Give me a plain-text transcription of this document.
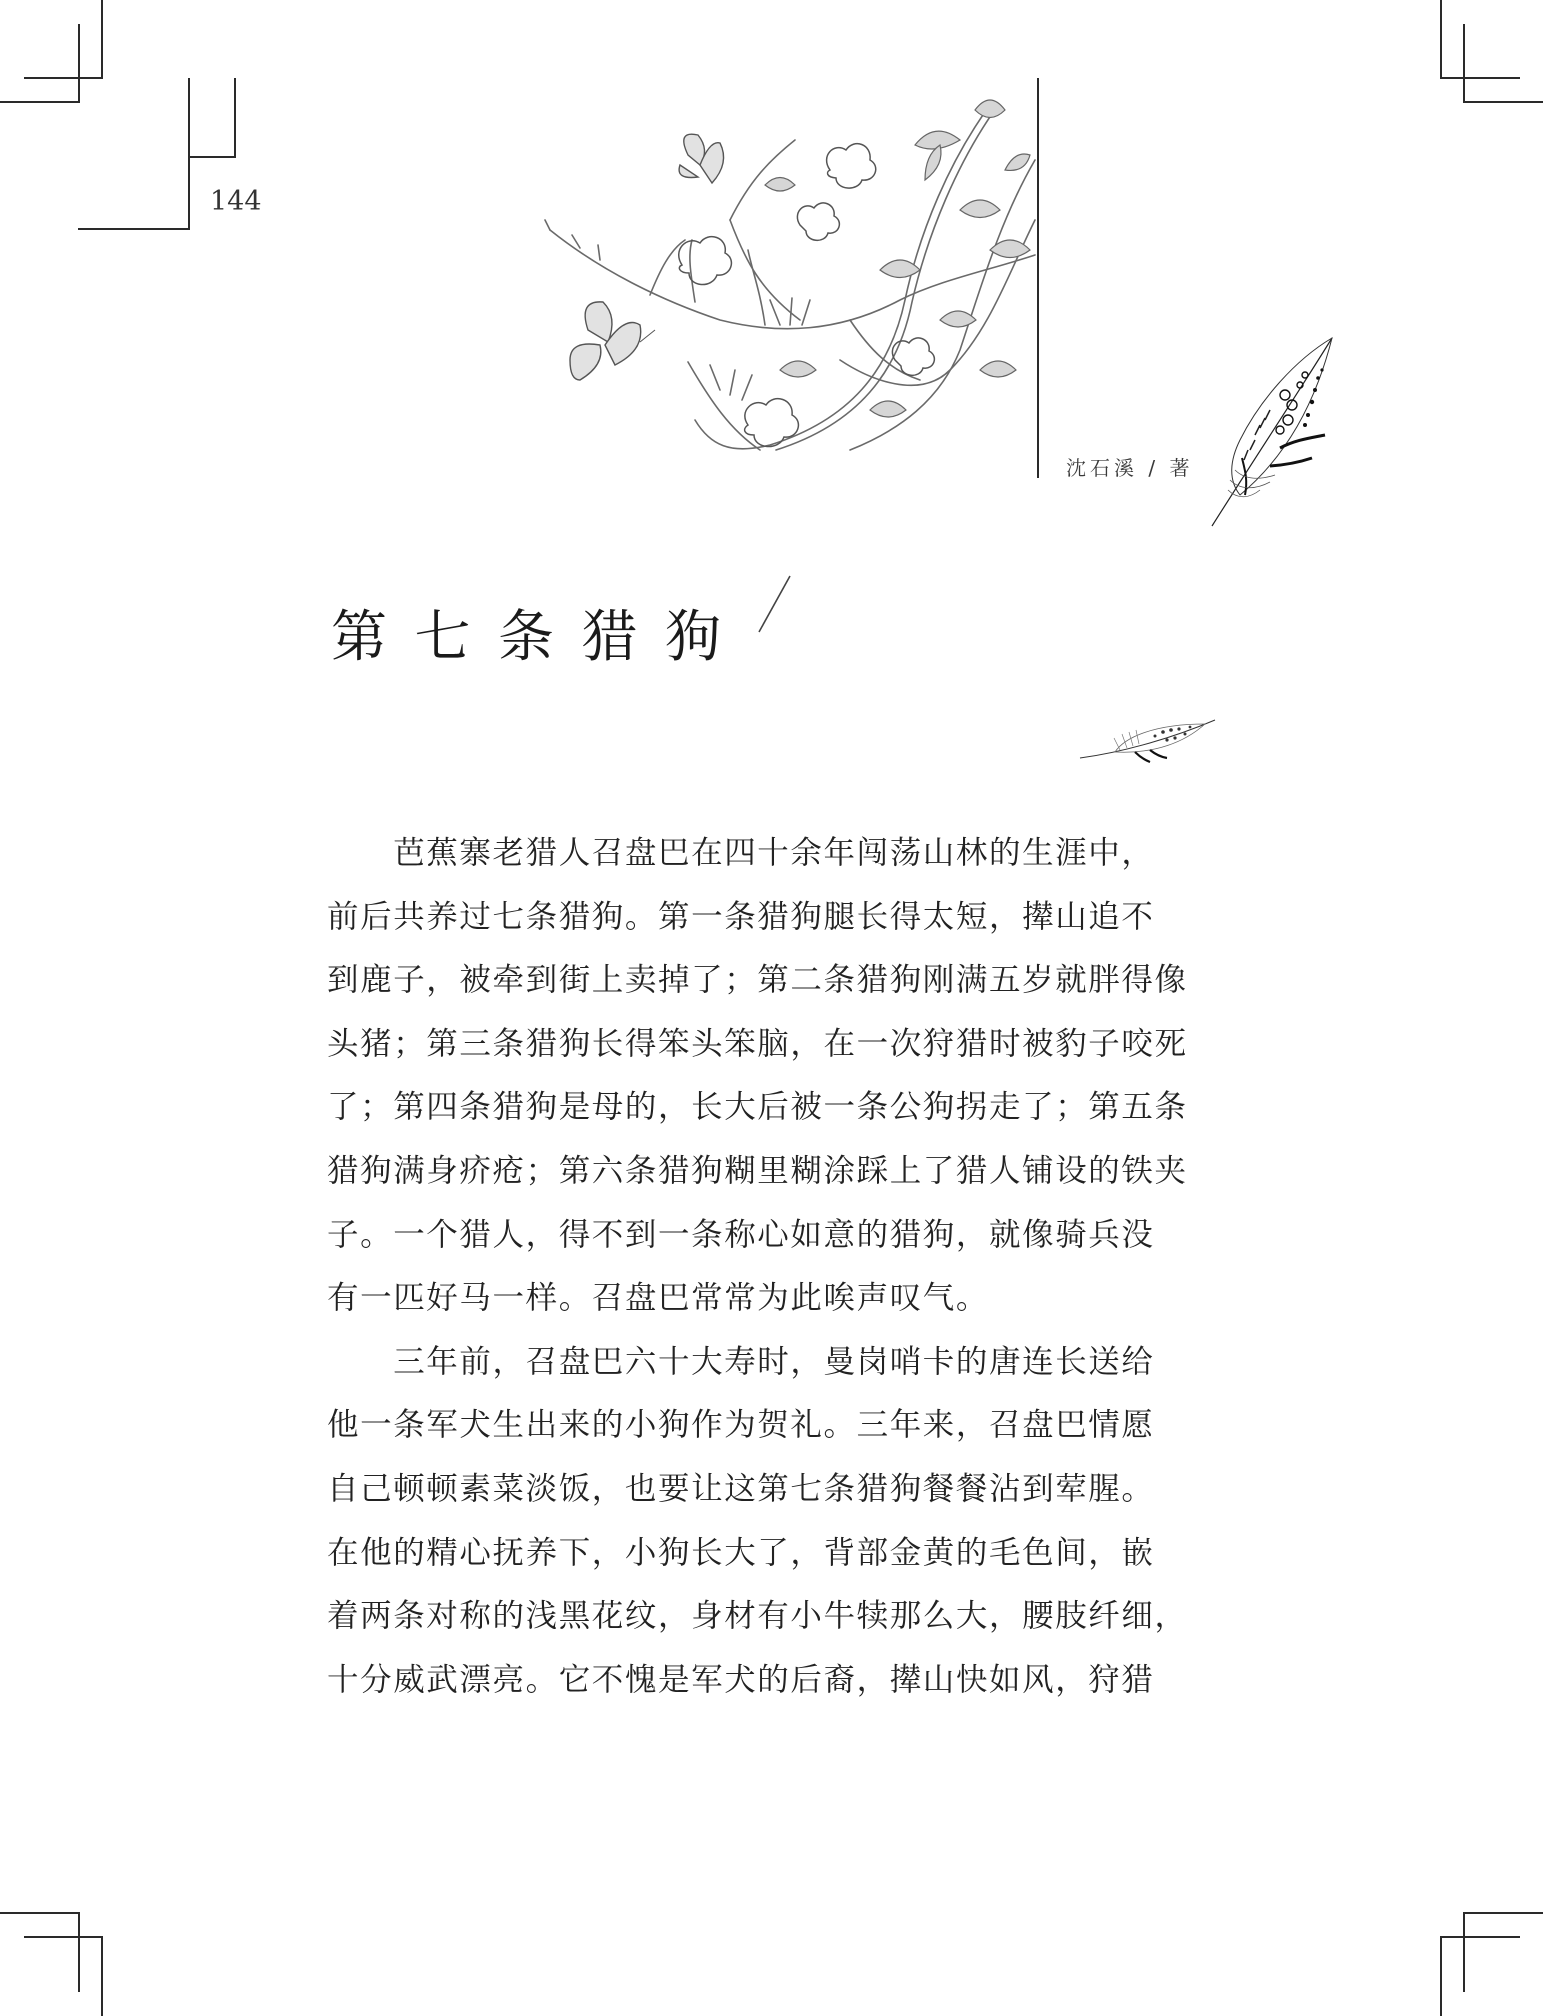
144
沈石溪 / 著
第七条猎狗

　　芭蕉寨老猎人召盘巴在四十余年闯荡山林的生涯中，

前后共养过七条猎狗。第一条猎狗腿长得太短，撵山追不

到鹿子，被牵到街上卖掉了；第二条猎狗刚满五岁就胖得像

头猪；第三条猎狗长得笨头笨脑，在一次狩猎时被豹子咬死

了；第四条猎狗是母的，长大后被一条公狗拐走了；第五条

猎狗满身疥疮；第六条猎狗糊里糊涂踩上了猎人铺设的铁夹

子。一个猎人，得不到一条称心如意的猎狗，就像骑兵没

有一匹好马一样。召盘巴常常为此唉声叹气。

　　三年前，召盘巴六十大寿时，曼岗哨卡的唐连长送给

他一条军犬生出来的小狗作为贺礼。三年来，召盘巴情愿

自己顿顿素菜淡饭，也要让这第七条猎狗餐餐沾到荤腥。

在他的精心抚养下，小狗长大了，背部金黄的毛色间，嵌

着两条对称的浅黑花纹，身材有小牛犊那么大，腰肢纤细，

十分威武漂亮。它不愧是军犬的后裔，撵山快如风，狩猎
